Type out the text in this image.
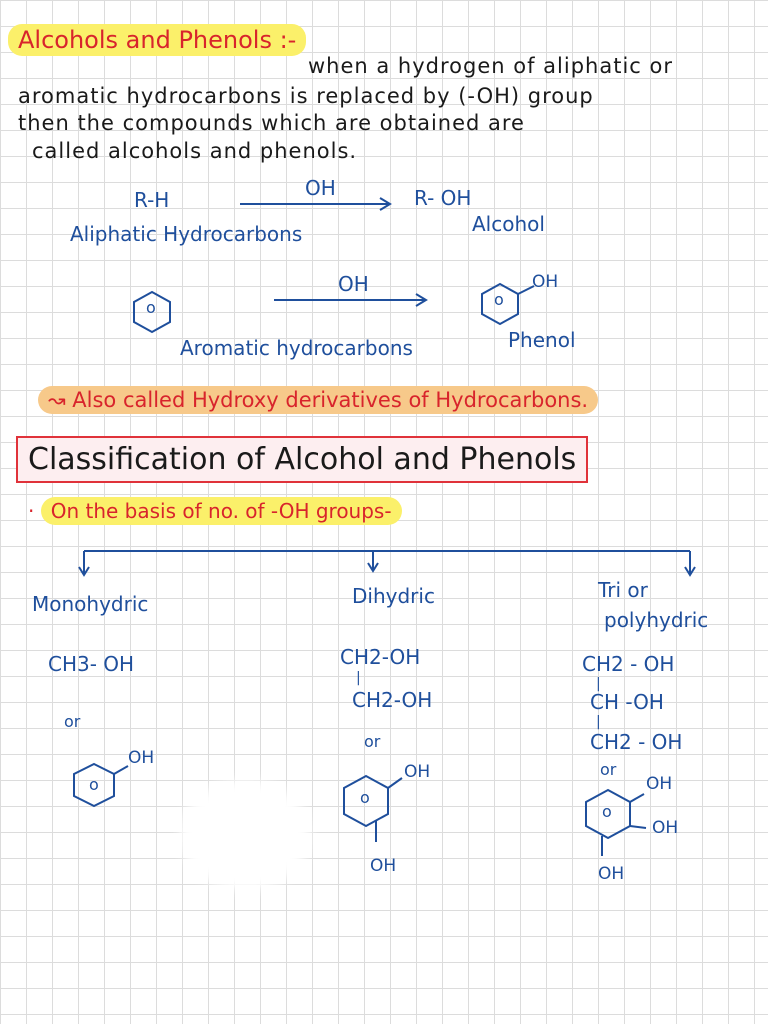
Alcohols and Phenols :-
when a hydrogen of aliphatic or
aromatic hydrocarbons is replaced by (-OH) group
then the compounds which are obtained are
called alcohols and phenols.
R-H	OH	R- OH
Aliphatic Hydrocarbons	Alcohol
o
OH
o
OH
Aromatic hydrocarbons	Phenol
↝ Also called Hydroxy derivatives of Hydrocarbons.
Classification of Alcohol and Phenols
· On the basis of no. of -OH groups-
Monohydric
CH3- OH
or
o
OH
Dihydric
CH2-OH
|
CH2-OH
or
o
OH
OH
Tri or
polyhydric
CH2 - OH
|
CH -OH
|
CH2 - OH
or
o
OH
OH
OH
